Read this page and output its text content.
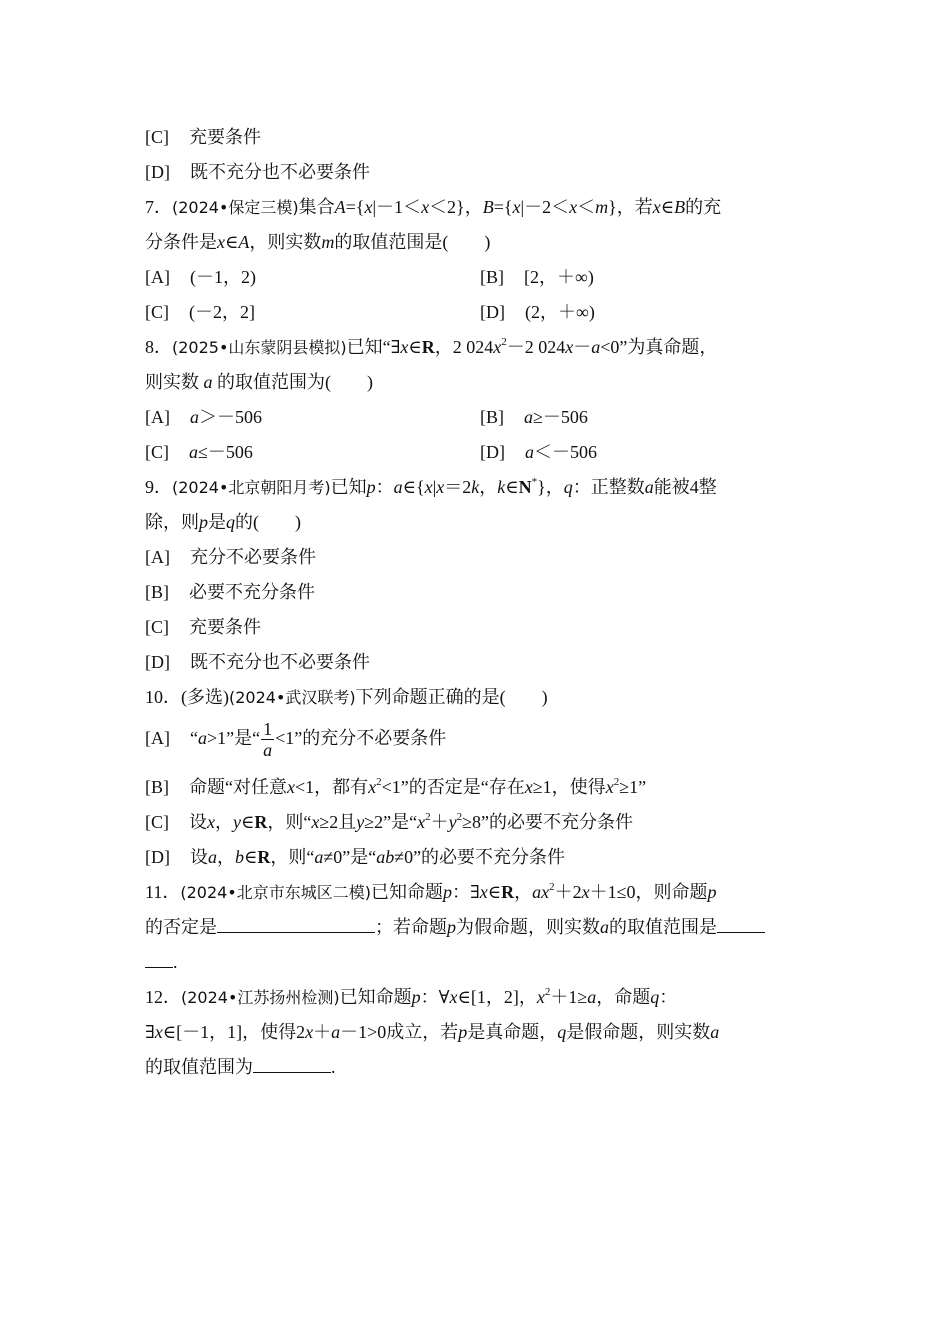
[C] 充要条件
[D] 既不充分也不必要条件
7．(2024•保定三模)集合A={x|－1＜x＜2}，B={x|－2＜x＜m}，若x∈B的充
分条件是x∈A，则实数m的取值范围是(　　)
[A] (－1，2)	[B] [2，＋∞)
[C] (－2，2]	[D] (2，＋∞)
8．(2025•山东蒙阴县模拟)已知“∃x∈R，2 $024x^2-2$ 024x－a<0”为真命题，
则实数 a 的取值范围为(　　)
[A] a＞－506	[B] a≥－506
[C] a≤－506	[D] a＜－506
9．(2024•北京朝阳月考)已知p：a∈{x|x＝2k，k∈N*}，q：正整数a能被4整
除，则p是q的(　　)
[A] 充分不必要条件
[B] 必要不充分条件
[C] 充要条件
[D] 既不充分也不必要条件
10．(多选)(2024•武汉联考)下列命题正确的是(　　)
[A] “a>1”是“ $\frac{1}{a} <1$”的充分不必要条件
[B] 命题“对任意x<1，都有$x^2<1$”的否定是“存在x≥1，使得$x^2\ge 1$”
[C] 设x，y∈R，则“x≥2且y≥2”是“$x^2+y^2\ge 8$”的必要不充分条件
[D] 设a，b∈R，则“a≠0”是“ab≠0”的必要不充分条件
11．(2024•北京市东城区二模)已知命题p：∃x∈R，$ax^2+2x+1\le 0$，则命题p
的否定是	；若命题p为假命题，则实数a的取值范围是
.
12．(2024•江苏扬州检测)已知命题p：∀x∈[1，2]，$x^2+1\ge a$，命题q：
∃x∈[－1，1]，使得2x＋a－1>0成立，若p是真命题，q是假命题，则实数a
的取值范围为	.
